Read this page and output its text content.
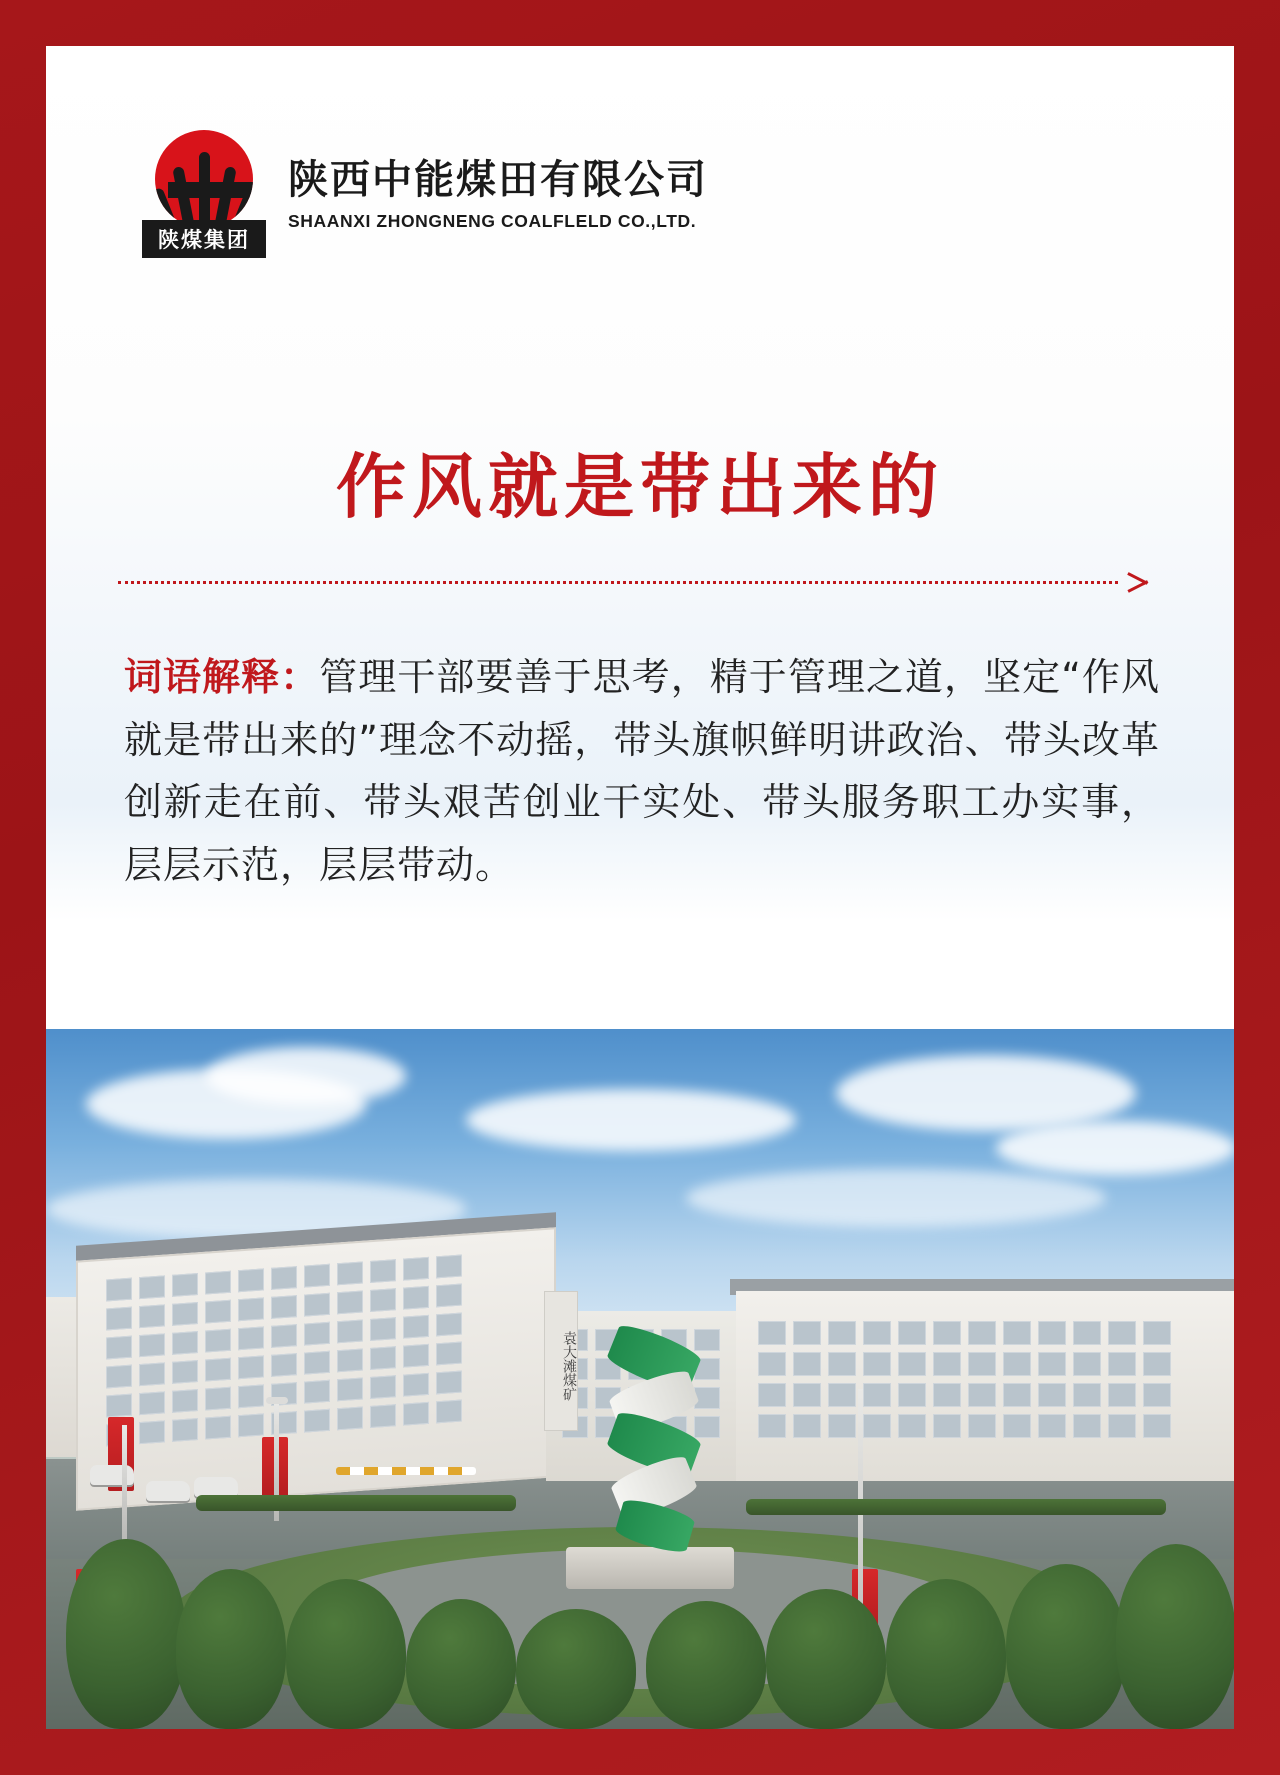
陕煤集团
陕西中能煤田有限公司
SHAANXI ZHONGNENG COALFLELD CO.,LTD.
作风就是带出来的
词语解释：管理干部要善于思考，精于管理之道，坚定“作风就是带出来的”理念不动摇，带头旗帜鲜明讲政治、带头改革创新走在前、带头艰苦创业干实处、带头服务职工办实事，层层示范，层层带动。
袁大滩煤矿
